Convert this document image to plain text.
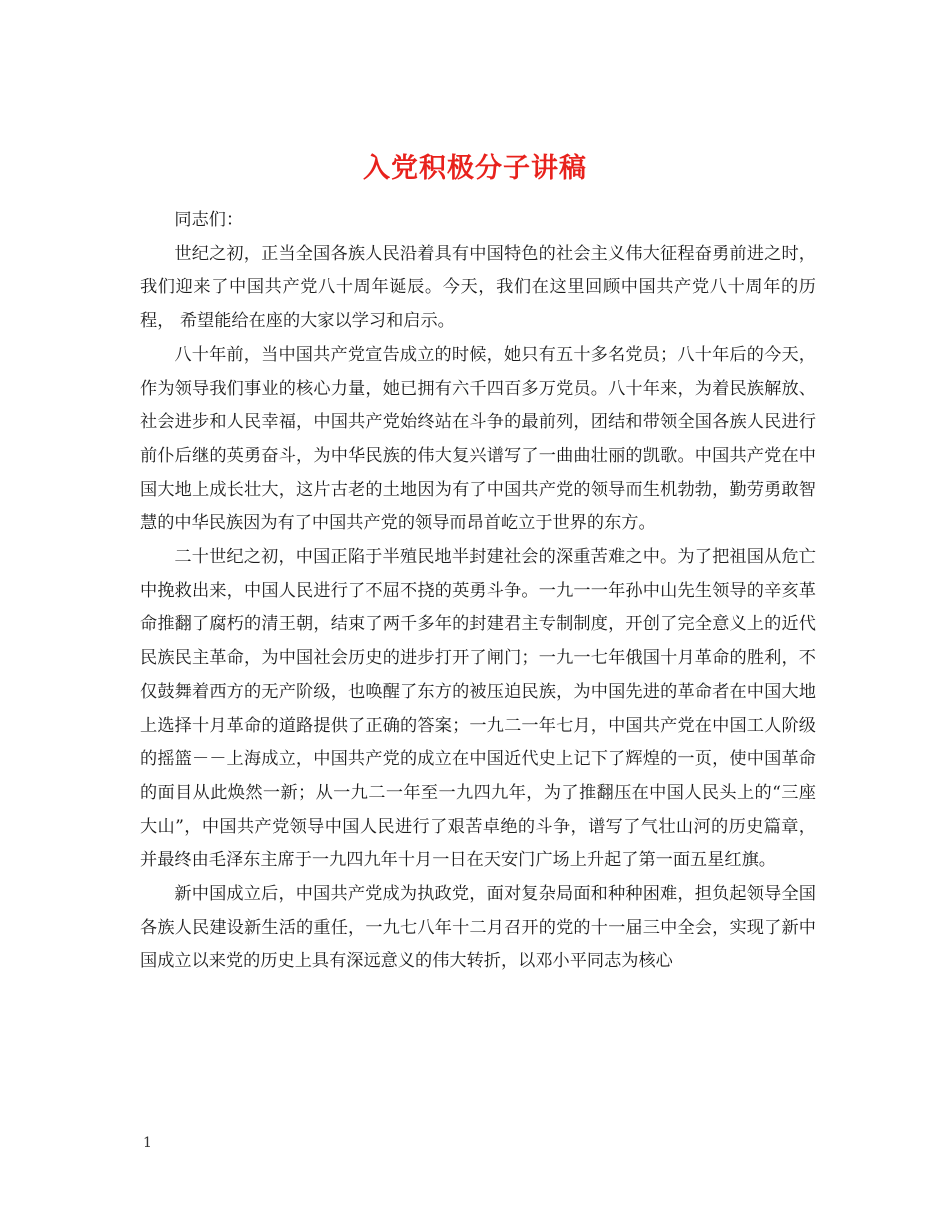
入党积极分子讲稿

同志们：

世纪之初，正当全国各族人民沿着具有中国特色的社会主义伟大征程奋勇前进之时，我们迎来了中国共产党八十周年诞辰。今天，我们在这里回顾中国共产党八十周年的历程， 希望能给在座的大家以学习和启示。

八十年前，当中国共产党宣告成立的时候，她只有五十多名党员；八十年后的今天，作为领导我们事业的核心力量，她已拥有六千四百多万党员。八十年来，为着民族解放、社会进步和人民幸福，中国共产党始终站在斗争的最前列，团结和带领全国各族人民进行前仆后继的英勇奋斗，为中华民族的伟大复兴谱写了一曲曲壮丽的凯歌。中国共产党在中国大地上成长壮大，这片古老的土地因为有了中国共产党的领导而生机勃勃，勤劳勇敢智慧的中华民族因为有了中国共产党的领导而昂首屹立于世界的东方。

二十世纪之初，中国正陷于半殖民地半封建社会的深重苦难之中。为了把祖国从危亡中挽救出来，中国人民进行了不屈不挠的英勇斗争。一九一一年孙中山先生领导的辛亥革命推翻了腐朽的清王朝，结束了两千多年的封建君主专制制度，开创了完全意义上的近代民族民主革命，为中国社会历史的进步打开了闸门；一九一七年俄国十月革命的胜利，不仅鼓舞着西方的无产阶级，也唤醒了东方的被压迫民族，为中国先进的革命者在中国大地上选择十月革命的道路提供了正确的答案；一九二一年七月，中国共产党在中国工人阶级的摇篮－－上海成立，中国共产党的成立在中国近代史上记下了辉煌的一页，使中国革命的面目从此焕然一新；从一九二一年至一九四九年，为了推翻压在中国人民头上的“三座大山”，中国共产党领导中国人民进行了艰苦卓绝的斗争，谱写了气壮山河的历史篇章，并最终由毛泽东主席于一九四九年十月一日在天安门广场上升起了第一面五星红旗。

新中国成立后，中国共产党成为执政党，面对复杂局面和种种困难，担负起领导全国各族人民建设新生活的重任，一九七八年十二月召开的党的十一届三中全会，实现了新中国成立以来党的历史上具有深远意义的伟大转折，以邓小平同志为核心

1
